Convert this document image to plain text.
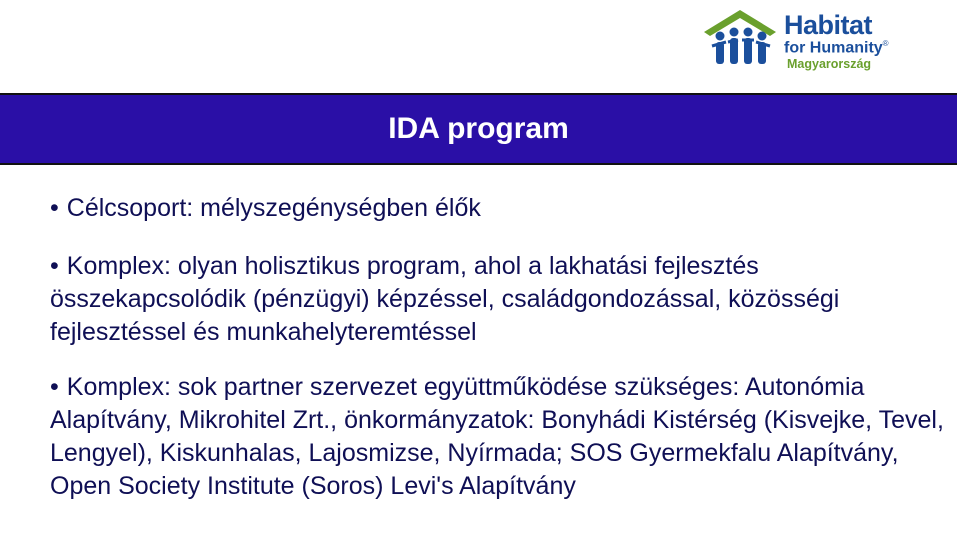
Habitat
for Humanity®
Magyarország
IDA program
• Célcsoport: mélyszegénységben élők
• Komplex: olyan holisztikus program, ahol a lakhatási fejlesztés összekapcsolódik (pénzügyi) képzéssel, családgondozással, közösségi fejlesztéssel és munkahelyteremtéssel
• Komplex: sok partner szervezet együttműködése szükséges: Autonómia Alapítvány, Mikrohitel Zrt., önkormányzatok: Bonyhádi Kistérség (Kisvejke, Tevel, Lengyel), Kiskunhalas, Lajosmizse, Nyírmada; SOS Gyermekfalu Alapítvány, Open Society Institute (Soros) Levi's Alapítvány
